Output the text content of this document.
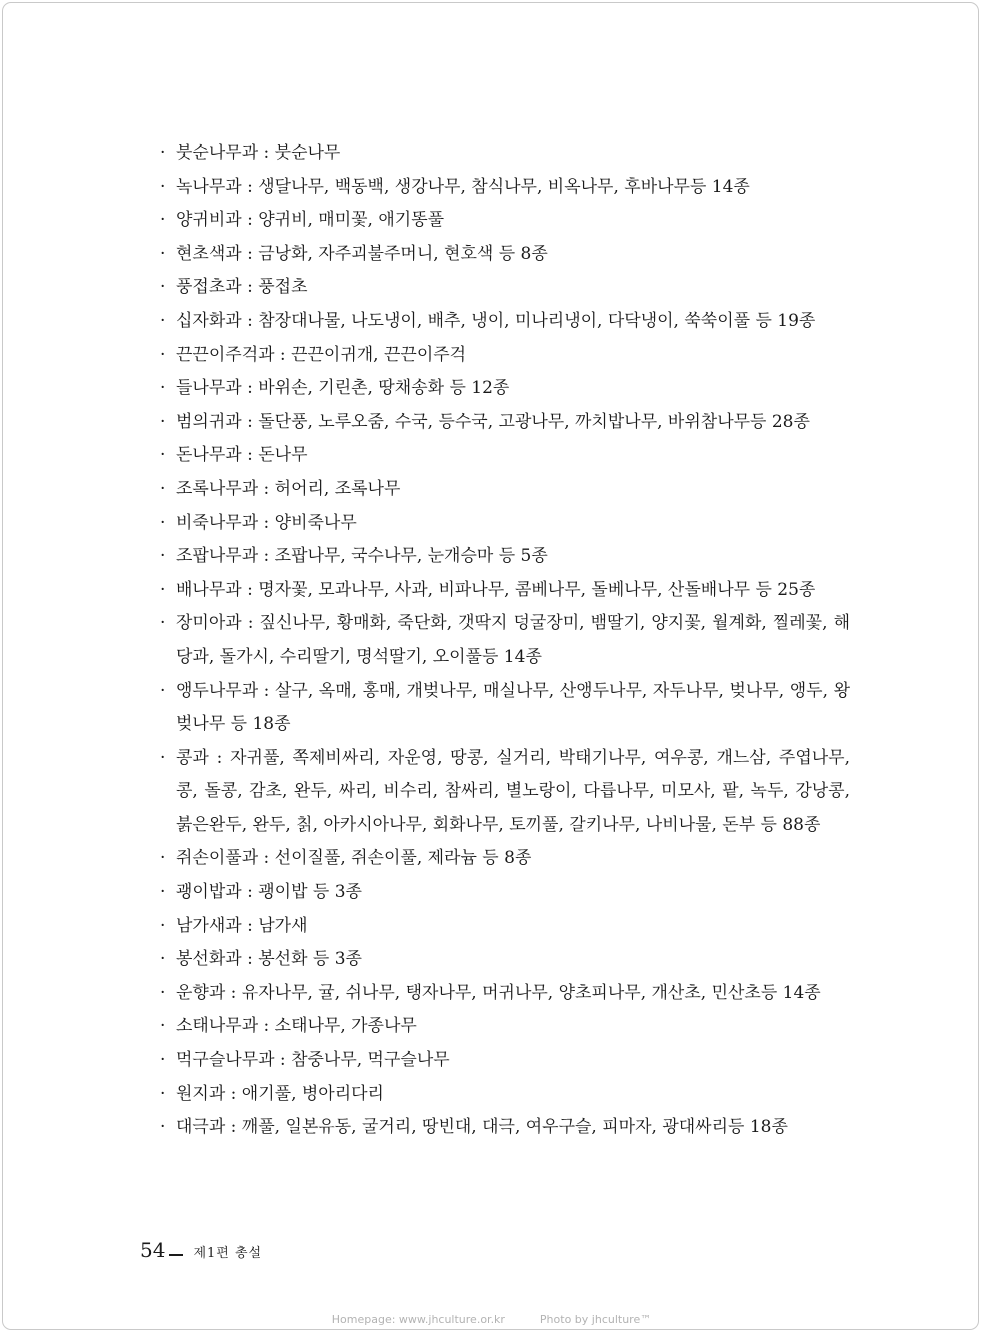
· 붓순나무과 : 붓순나무
· 녹나무과 : 생달나무, 백동백, 생강나무, 참식나무, 비옥나무, 후바나무등 14종
· 양귀비과 : 양귀비, 매미꽃, 애기똥풀
· 현초색과 : 금낭화, 자주괴불주머니, 현호색 등 8종
· 풍접초과 : 풍접초
· 십자화과 : 참장대나물, 나도냉이, 배추, 냉이, 미나리냉이, 다닥냉이, 쑥쑥이풀 등 19종
· 끈끈이주걱과 : 끈끈이귀개, 끈끈이주걱
· 들나무과 : 바위손, 기린촌, 땅채송화 등 12종
· 범의귀과 : 돌단풍, 노루오줌, 수국, 등수국, 고광나무, 까치밥나무, 바위참나무등 28종
· 돈나무과 : 돈나무
· 조록나무과 : 허어리, 조록나무
· 비죽나무과 : 양비죽나무
· 조팝나무과 : 조팝나무, 국수나무, 눈개승마 등 5종
· 배나무과 : 명자꽃, 모과나무, 사과, 비파나무, 콤베나무, 돌베나무, 산돌배나무 등 25종
· 장미아과 : 짚신나무, 황매화, 죽단화, 갯딱지 덩굴장미, 뱀딸기, 양지꽃, 월계화, 찔레꽃, 해당과, 돌가시, 수리딸기, 명석딸기, 오이풀등 14종
· 앵두나무과 : 살구, 옥매, 홍매, 개벚나무, 매실나무, 산앵두나무, 자두나무, 벚나무, 앵두, 왕벚나무 등 18종
· 콩과 : 자귀풀, 쪽제비싸리, 자운영, 땅콩, 실거리, 박태기나무, 여우콩, 개느삼, 주엽나무, 콩, 돌콩, 감초, 완두, 싸리, 비수리, 참싸리, 별노랑이, 다릅나무, 미모사, 팥, 녹두, 강낭콩, 붉은완두, 완두, 칡, 아카시아나무, 회화나무, 토끼풀, 갈키나무, 나비나물, 돈부 등 88종
· 쥐손이풀과 : 선이질풀, 쥐손이풀, 제라늄 등 8종
· 괭이밥과 : 괭이밥 등 3종
· 남가새과 : 남가새
· 봉선화과 : 봉선화 등 3종
· 운향과 : 유자나무, 귤, 쉬나무, 탱자나무, 머귀나무, 양초피나무, 개산초, 민산초등 14종
· 소태나무과 : 소태나무, 가종나무
· 먹구슬나무과 : 참중나무, 먹구슬나무
· 원지과 : 애기풀, 병아리다리
· 대극과 : 깨풀, 일본유동, 굴거리, 땅빈대, 대극, 여우구슬, 피마자, 광대싸리등 18종
54 제1편 총설
Homepage: www.jhculture.or.kr	Photo by jhculture™
